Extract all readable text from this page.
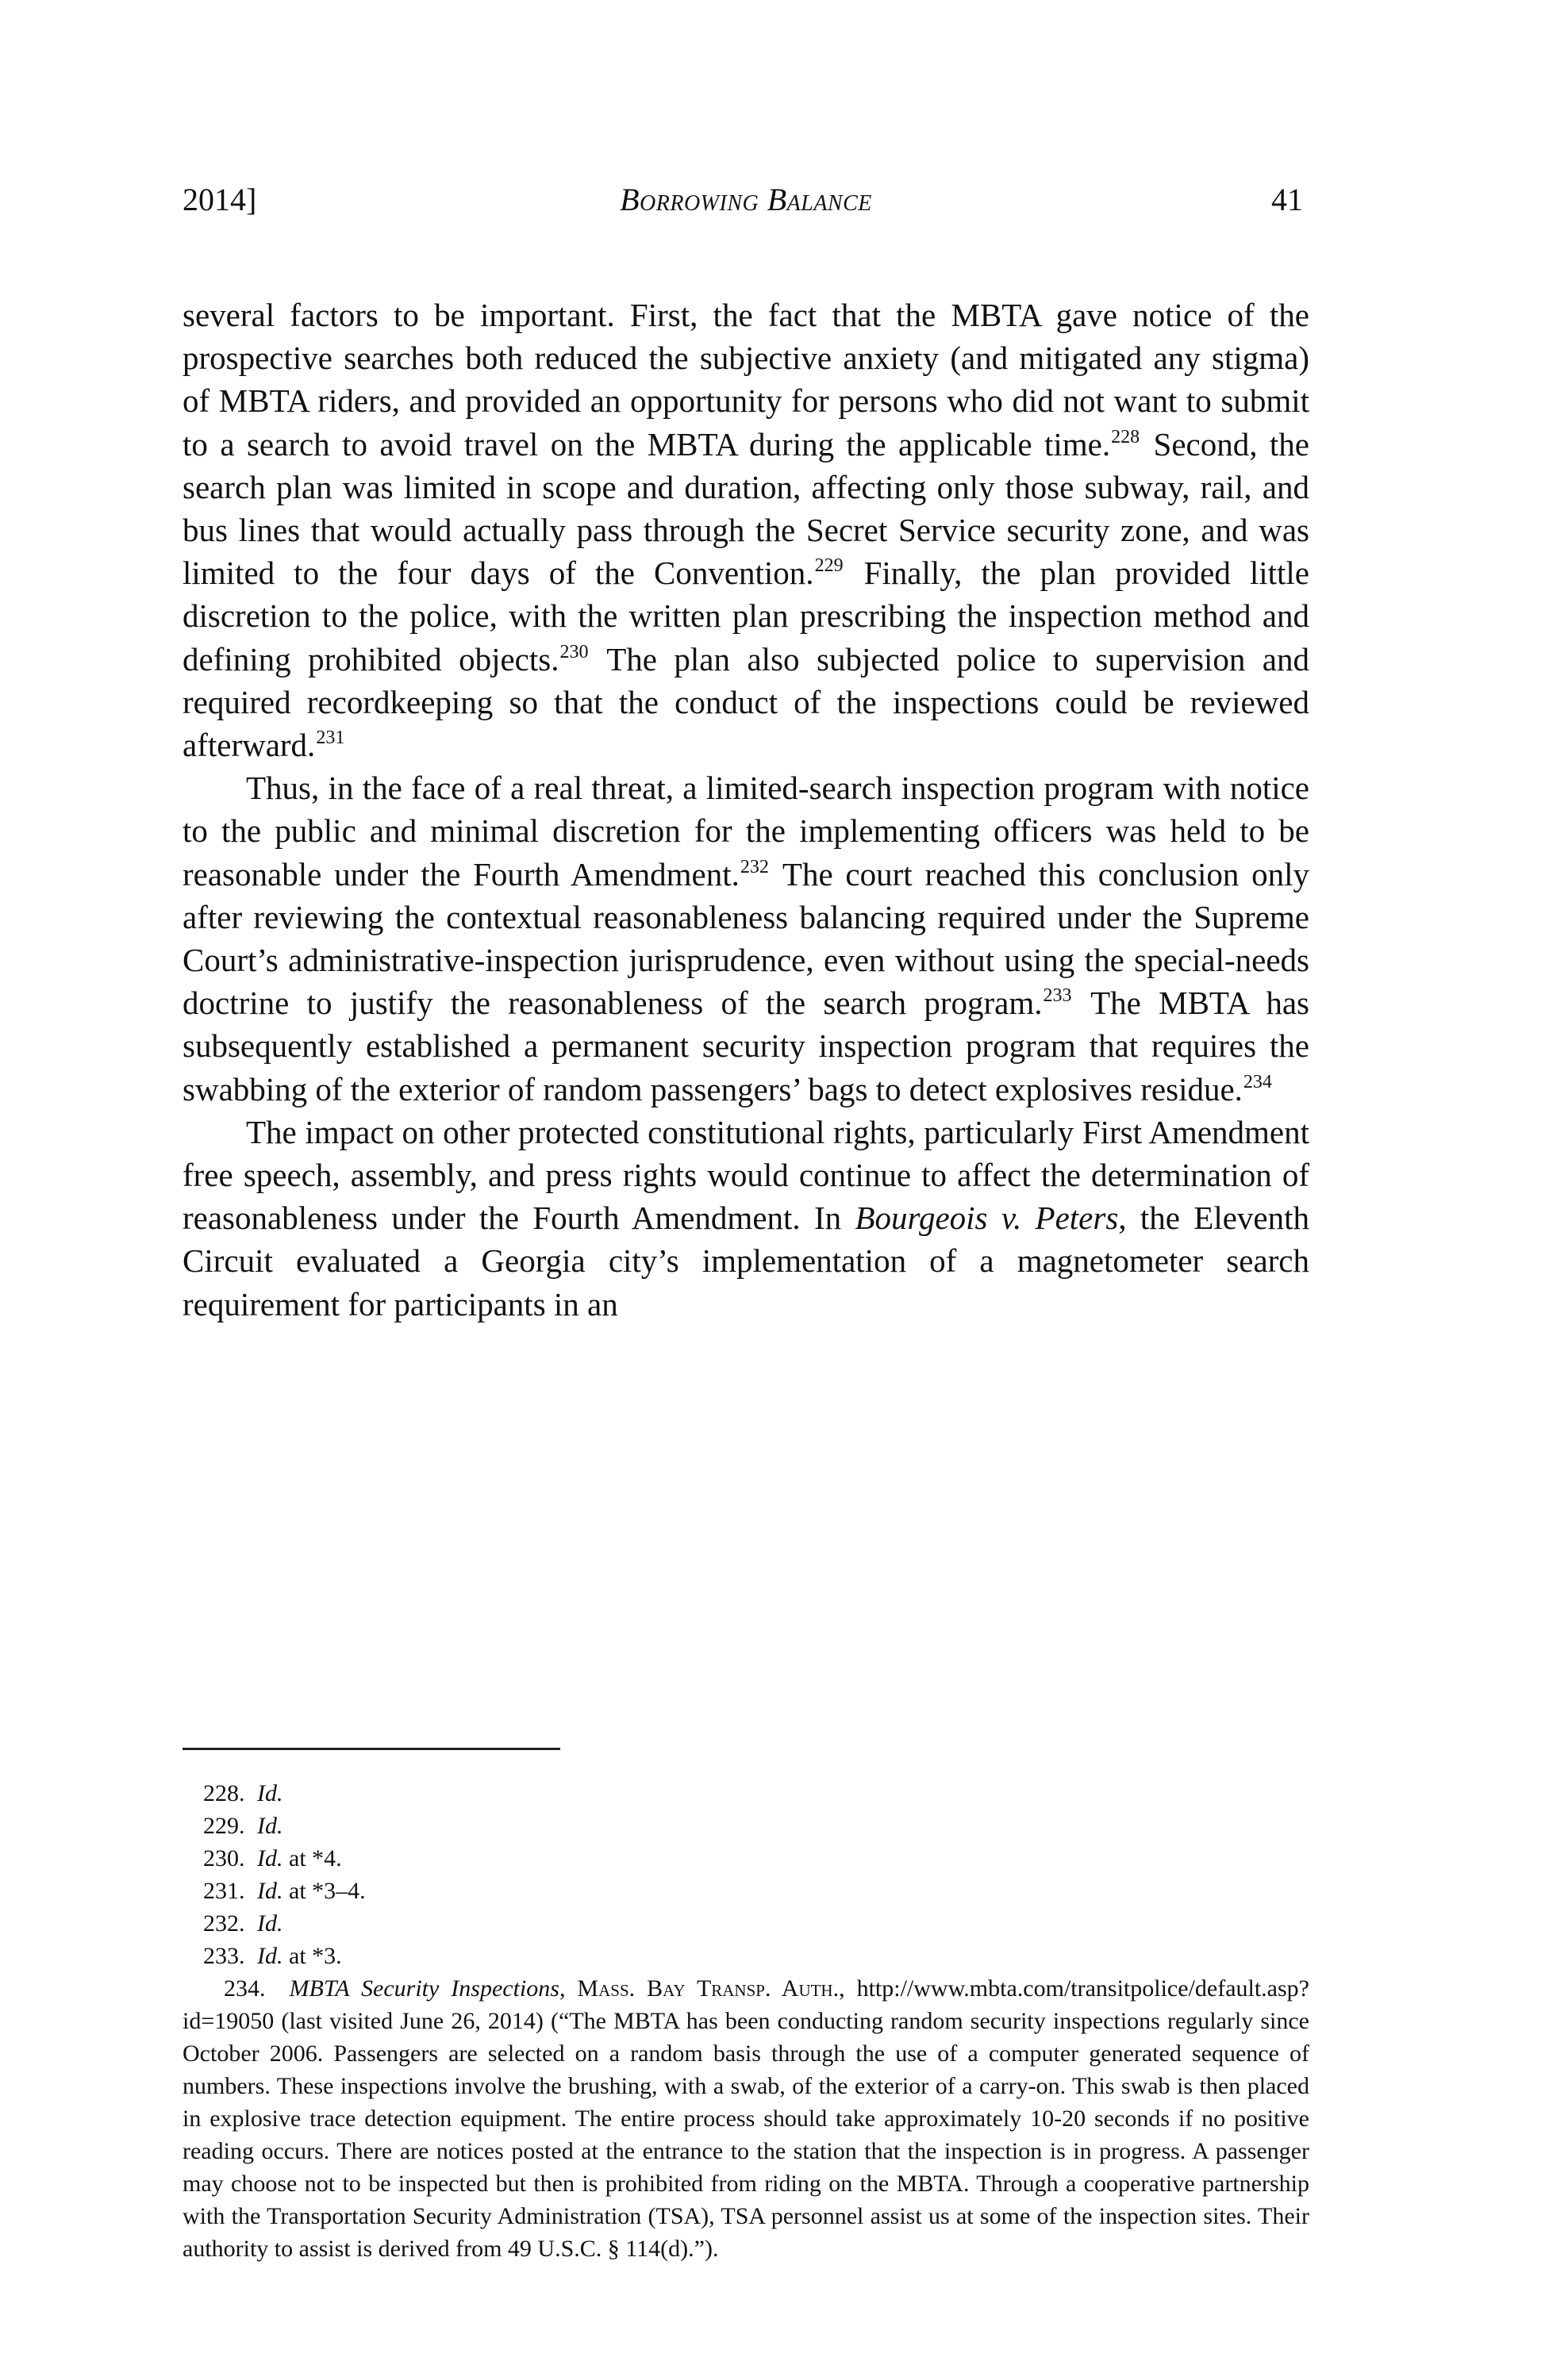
2014]	Borrowing Balance	41

several factors to be important. First, the fact that the MBTA gave notice of the prospective searches both reduced the subjective anxiety (and mitigated any stigma) of MBTA riders, and provided an opportunity for persons who did not want to submit to a search to avoid travel on the MBTA during the applicable time.$^{228}$ Second, the search plan was limited in scope and duration, affecting only those subway, rail, and bus lines that would actually pass through the Secret Service security zone, and was limited to the four days of the Convention.$^{229}$ Finally, the plan provided little discretion to the police, with the written plan prescribing the inspection method and defining prohibited objects.$^{230}$ The plan also subjected police to supervision and required recordkeeping so that the conduct of the inspections could be reviewed afterward.$^{231}$

Thus, in the face of a real threat, a limited-search inspection program with notice to the public and minimal discretion for the implementing officers was held to be reasonable under the Fourth Amendment.$^{232}$ The court reached this conclusion only after reviewing the contextual reasonableness balancing required under the Supreme Court’s administrative-inspection jurisprudence, even without using the special-needs doctrine to justify the reasonableness of the search program.$^{233}$ The MBTA has subsequently established a permanent security inspection program that requires the swabbing of the exterior of random passengers’ bags to detect explosives residue.$^{234}$

The impact on other protected constitutional rights, particularly First Amendment free speech, assembly, and press rights would continue to affect the determination of reasonableness under the Fourth Amendment. In Bourgeois v. Peters, the Eleventh Circuit evaluated a Georgia city’s implementation of a magnetometer search requirement for participants in an

228. Id.

229. Id.

230. Id. at *4.

231. Id. at *3–4.

232. Id.

233. Id. at *3.

234. MBTA Security Inspections, Mass. Bay Transp. Auth., http://www.mbta.com/transitpolice/default.asp?id=19050 (last visited June 26, 2014) (“The MBTA has been conducting random security inspections regularly since October 2006. Passengers are selected on a random basis through the use of a computer generated sequence of numbers. These inspections involve the brushing, with a swab, of the exterior of a carry-on. This swab is then placed in explosive trace detection equipment. The entire process should take approximately 10-20 seconds if no positive reading occurs. There are notices posted at the entrance to the station that the inspection is in progress. A passenger may choose not to be inspected but then is prohibited from riding on the MBTA. Through a cooperative partnership with the Transportation Security Administration (TSA), TSA personnel assist us at some of the inspection sites. Their authority to assist is derived from 49 U.S.C. § 114(d).”).
